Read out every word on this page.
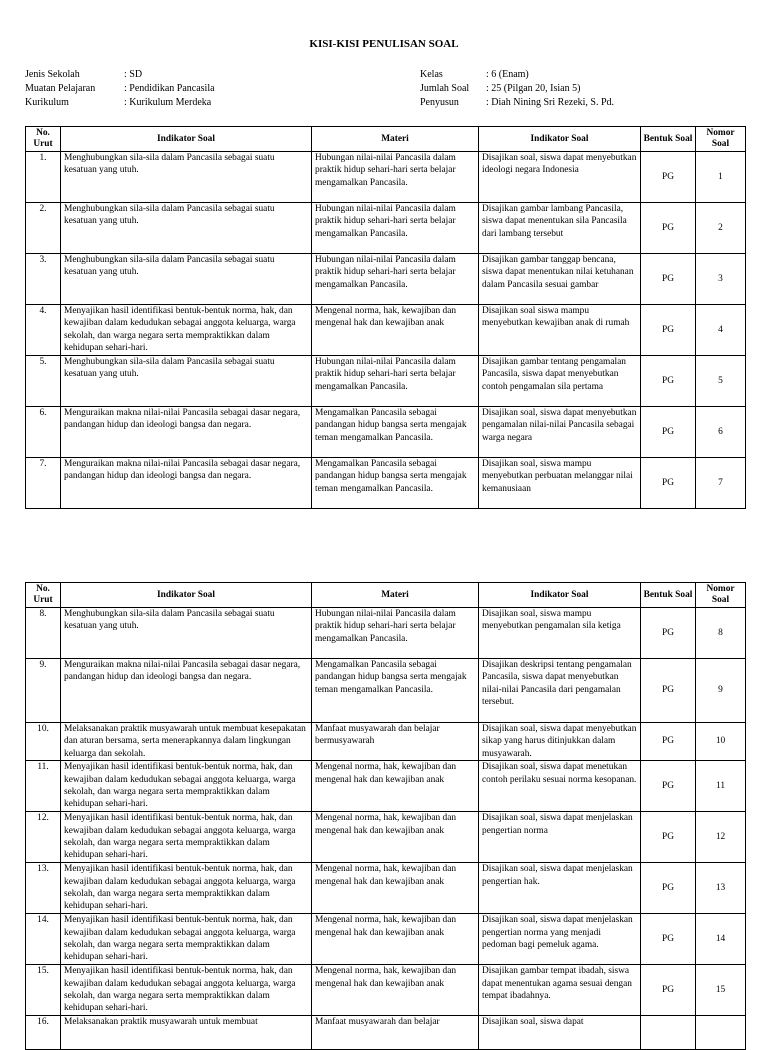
KISI-KISI PENULISAN SOAL
Jenis Sekolah	: SD
Muatan Pelajaran	: Pendidikan Pancasila
Kurikulum	: Kurikulum Merdeka
Kelas	: 6 (Enam)
Jumlah Soal	: 25 (Pilgan 20, Isian 5)
Penyusun	: Diah Nining Sri Rezeki, S. Pd.
No. Urut	Indikator Soal	Materi	Indikator Soal	Bentuk Soal	Nomor Soal
1.	Menghubungkan sila-sila dalam Pancasila sebagai suatu kesatuan yang utuh.	Hubungan nilai-nilai Pancasila dalam praktik hidup sehari-hari serta belajar mengamalkan Pancasila.	Disajikan soal, siswa dapat menyebutkan ideologi negara Indonesia	PG	1
2.	Menghubungkan sila-sila dalam Pancasila sebagai suatu kesatuan yang utuh.	Hubungan nilai-nilai Pancasila dalam praktik hidup sehari-hari serta belajar mengamalkan Pancasila.	Disajikan gambar lambang Pancasila, siswa dapat menentukan sila Pancasila dari lambang tersebut	PG	2
3.	Menghubungkan sila-sila dalam Pancasila sebagai suatu kesatuan yang utuh.	Hubungan nilai-nilai Pancasila dalam praktik hidup sehari-hari serta belajar mengamalkan Pancasila.	Disajikan gambar tanggap bencana, siswa dapat menentukan nilai ketuhanan dalam Pancasila sesuai gambar	PG	3
4.	Menyajikan hasil identifikasi bentuk-bentuk norma, hak, dan kewajiban dalam kedudukan sebagai anggota keluarga, warga sekolah, dan warga negara serta mempraktikkan dalam kehidupan sehari-hari.	Mengenal norma, hak, kewajiban dan mengenal hak dan kewajiban anak	Disajikan soal siswa mampu menyebutkan kewajiban anak di rumah	PG	4
5.	Menghubungkan sila-sila dalam Pancasila sebagai suatu kesatuan yang utuh.	Hubungan nilai-nilai Pancasila dalam praktik hidup sehari-hari serta belajar mengamalkan Pancasila.	Disajikan gambar tentang pengamalan Pancasila, siswa dapat menyebutkan contoh pengamalan sila pertama	PG	5
6.	Menguraikan makna nilai-nilai Pancasila sebagai dasar negara, pandangan hidup dan ideologi bangsa dan negara.	Mengamalkan Pancasila sebagai pandangan hidup bangsa serta mengajak teman mengamalkan Pancasila.	Disajikan soal, siswa dapat menyebutkan pengamalan nilai-nilai Pancasila sebagai warga negara	PG	6
7.	Menguraikan makna nilai-nilai Pancasila sebagai dasar negara, pandangan hidup dan ideologi bangsa dan negara.	Mengamalkan Pancasila sebagai pandangan hidup bangsa serta mengajak teman mengamalkan Pancasila.	Disajikan soal, siswa mampu menyebutkan perbuatan melanggar nilai kemanusiaan	PG	7
No. Urut	Indikator Soal	Materi	Indikator Soal	Bentuk Soal	Nomor Soal
8.	Menghubungkan sila-sila dalam Pancasila sebagai suatu kesatuan yang utuh.	Hubungan nilai-nilai Pancasila dalam praktik hidup sehari-hari serta belajar mengamalkan Pancasila.	Disajikan soal, siswa mampu menyebutkan pengamalan sila ketiga	PG	8
9.	Menguraikan makna nilai-nilai Pancasila sebagai dasar negara, pandangan hidup dan ideologi bangsa dan negara.	Mengamalkan Pancasila sebagai pandangan hidup bangsa serta mengajak teman mengamalkan Pancasila.	Disajikan deskripsi tentang pengamalan Pancasila, siswa dapat menyebutkan nilai-nilai Pancasila dari pengamalan tersebut.	PG	9
10.	Melaksanakan praktik musyawarah untuk membuat kesepakatan dan aturan bersama, serta menerapkannya dalam lingkungan keluarga dan sekolah.	Manfaat musyawarah dan belajar bermusyawarah	Disajikan soal, siswa dapat menyebutkan sikap yang harus ditinjukkan dalam musyawarah.	PG	10
11.	Menyajikan hasil identifikasi bentuk-bentuk norma, hak, dan kewajiban dalam kedudukan sebagai anggota keluarga, warga sekolah, dan warga negara serta mempraktikkan dalam kehidupan sehari-hari.	Mengenal norma, hak, kewajiban dan mengenal hak dan kewajiban anak	Disajikan soal, siswa dapat menetukan contoh perilaku sesuai norma kesopanan.	PG	11
12.	Menyajikan hasil identifikasi bentuk-bentuk norma, hak, dan kewajiban dalam kedudukan sebagai anggota keluarga, warga sekolah, dan warga negara serta mempraktikkan dalam kehidupan sehari-hari.	Mengenal norma, hak, kewajiban dan mengenal hak dan kewajiban anak	Disajikan soal, siswa dapat menjelaskan pengertian norma	PG	12
13.	Menyajikan hasil identifikasi bentuk-bentuk norma, hak, dan kewajiban dalam kedudukan sebagai anggota keluarga, warga sekolah, dan warga negara serta mempraktikkan dalam kehidupan sehari-hari.	Mengenal norma, hak, kewajiban dan mengenal hak dan kewajiban anak	Disajikan soal, siswa dapat menjelaskan pengertian hak.	PG	13
14.	Menyajikan hasil identifikasi bentuk-bentuk norma, hak, dan kewajiban dalam kedudukan sebagai anggota keluarga, warga sekolah, dan warga negara serta mempraktikkan dalam kehidupan sehari-hari.	Mengenal norma, hak, kewajiban dan mengenal hak dan kewajiban anak	Disajikan soal, siswa dapat menjelaskan pengertian norma yang menjadi pedoman bagi pemeluk agama.	PG	14
15.	Menyajikan hasil identifikasi bentuk-bentuk norma, hak, dan kewajiban dalam kedudukan sebagai anggota keluarga, warga sekolah, dan warga negara serta mempraktikkan dalam kehidupan sehari-hari.	Mengenal norma, hak, kewajiban dan mengenal hak dan kewajiban anak	Disajikan gambar tempat ibadah, siswa dapat menentukan agama sesuai dengan tempat ibadahnya.	PG	15
16.	Melaksanakan praktik musyawarah untuk membuat	Manfaat musyawarah dan belajar	Disajikan soal, siswa dapat		
